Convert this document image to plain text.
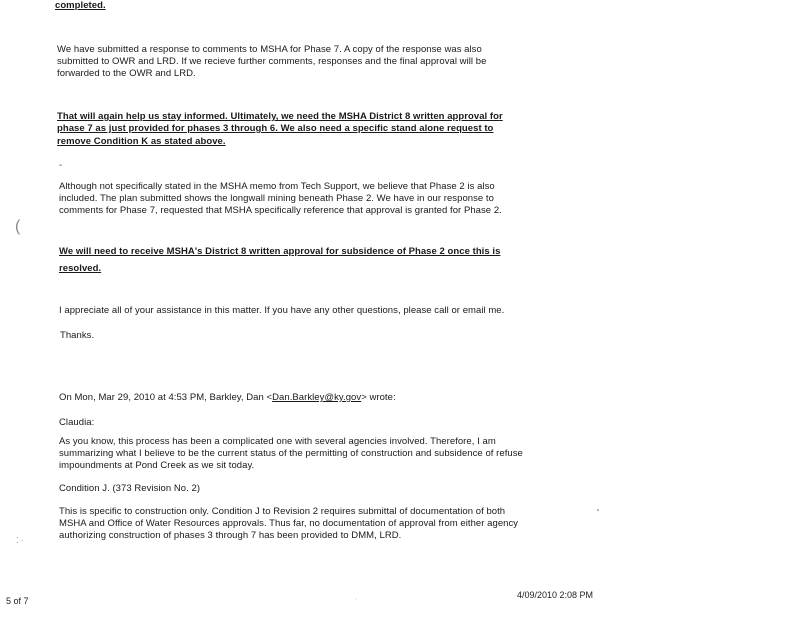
completed.
We have submitted a response to comments to MSHA for Phase 7. A copy of the response was also
submitted to OWR and LRD. If we recieve further comments, responses and the final approval will be
forwarded to the OWR and LRD.
That will again help us stay informed. Ultimately, we need the MSHA District 8 written approval for
phase 7 as just provided for phases 3 through 6. We also need a specific stand alone request to
remove Condition K as stated above.
-
Although not specifically stated in the MSHA memo from Tech Support, we believe that Phase 2 is also
included. The plan submitted shows the longwall mining beneath Phase 2. We have in our response to
comments for Phase 7, requested that MSHA specifically reference that approval is granted for Phase 2.
(
We will need to receive MSHA's District 8 written approval for subsidence of Phase 2 once this is
resolved.
I appreciate all of your assistance in this matter. If you have any other questions, please call or email me.
Thanks.
On Mon, Mar 29, 2010 at 4:53 PM, Barkley, Dan <Dan.Barkley@ky.gov> wrote:
Claudia:
As you know, this process has been a complicated one with several agencies involved. Therefore, I am
summarizing what I believe to be the current status of the permitting of construction and subsidence of refuse
impoundments at Pond Creek as we sit today.
Condition J. (373 Revision No. 2)
This is specific to construction only. Condition J to Revision 2 requires submittal of documentation of both
MSHA and Office of Water Resources approvals. Thus far, no documentation of approval from either agency
authorizing construction of phases 3 through 7 has been provided to DMM, LRD.
'
⁚ ·
5 of 7	·	4/09/2010 2:08 PM
